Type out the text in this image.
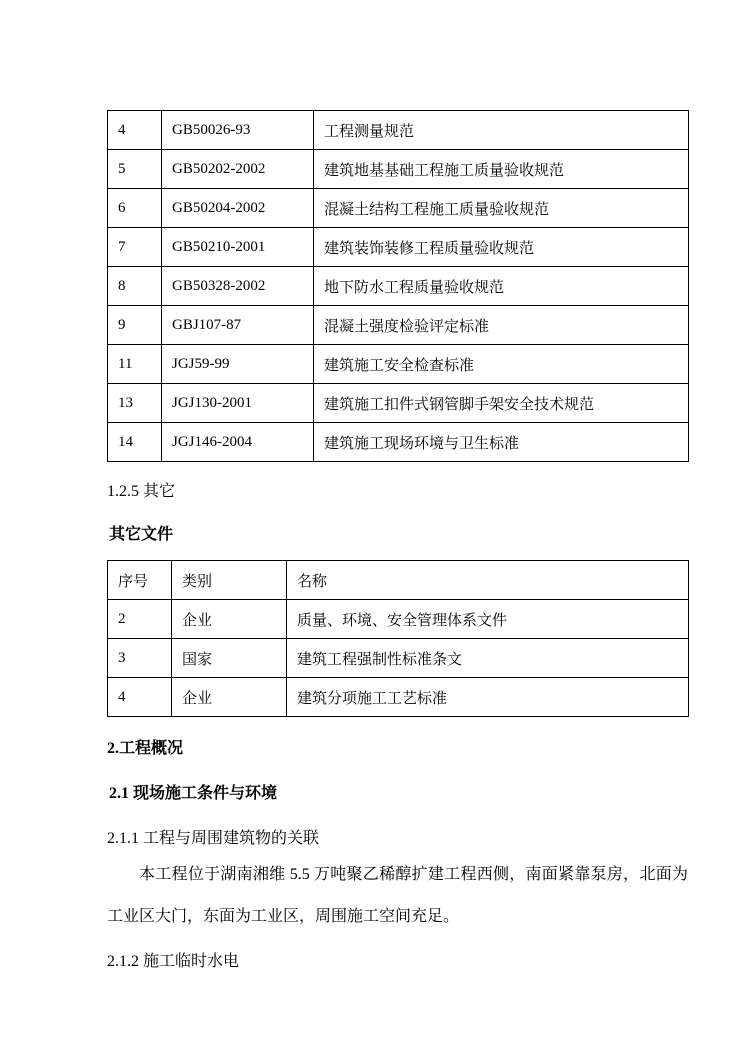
4	GB50026-93	工程测量规范
5	GB50202-2002	建筑地基基础工程施工质量验收规范
6	GB50204-2002	混凝土结构工程施工质量验收规范
7	GB50210-2001	建筑装饰装修工程质量验收规范
8	GB50328-2002	地下防水工程质量验收规范
9	GBJ107-87	混凝土强度检验评定标准
11	JGJ59-99	建筑施工安全检查标准
13	JGJ130-2001	建筑施工扣件式钢管脚手架安全技术规范
14	JGJ146-2004	建筑施工现场环境与卫生标准

1.2.5 其它

其它文件

序号	类别	名称
2	企业	质量、环境、安全管理体系文件
3	国家	建筑工程强制性标准条文
4	企业	建筑分项施工工艺标准

2.工程概况

2.1 现场施工条件与环境

2.1.1 工程与周围建筑物的关联

本工程位于湖南湘维 5.5 万吨聚乙稀醇扩建工程西侧，南面紧靠泵房，北面为工业区大门，东面为工业区，周围施工空间充足。

2.1.2 施工临时水电
